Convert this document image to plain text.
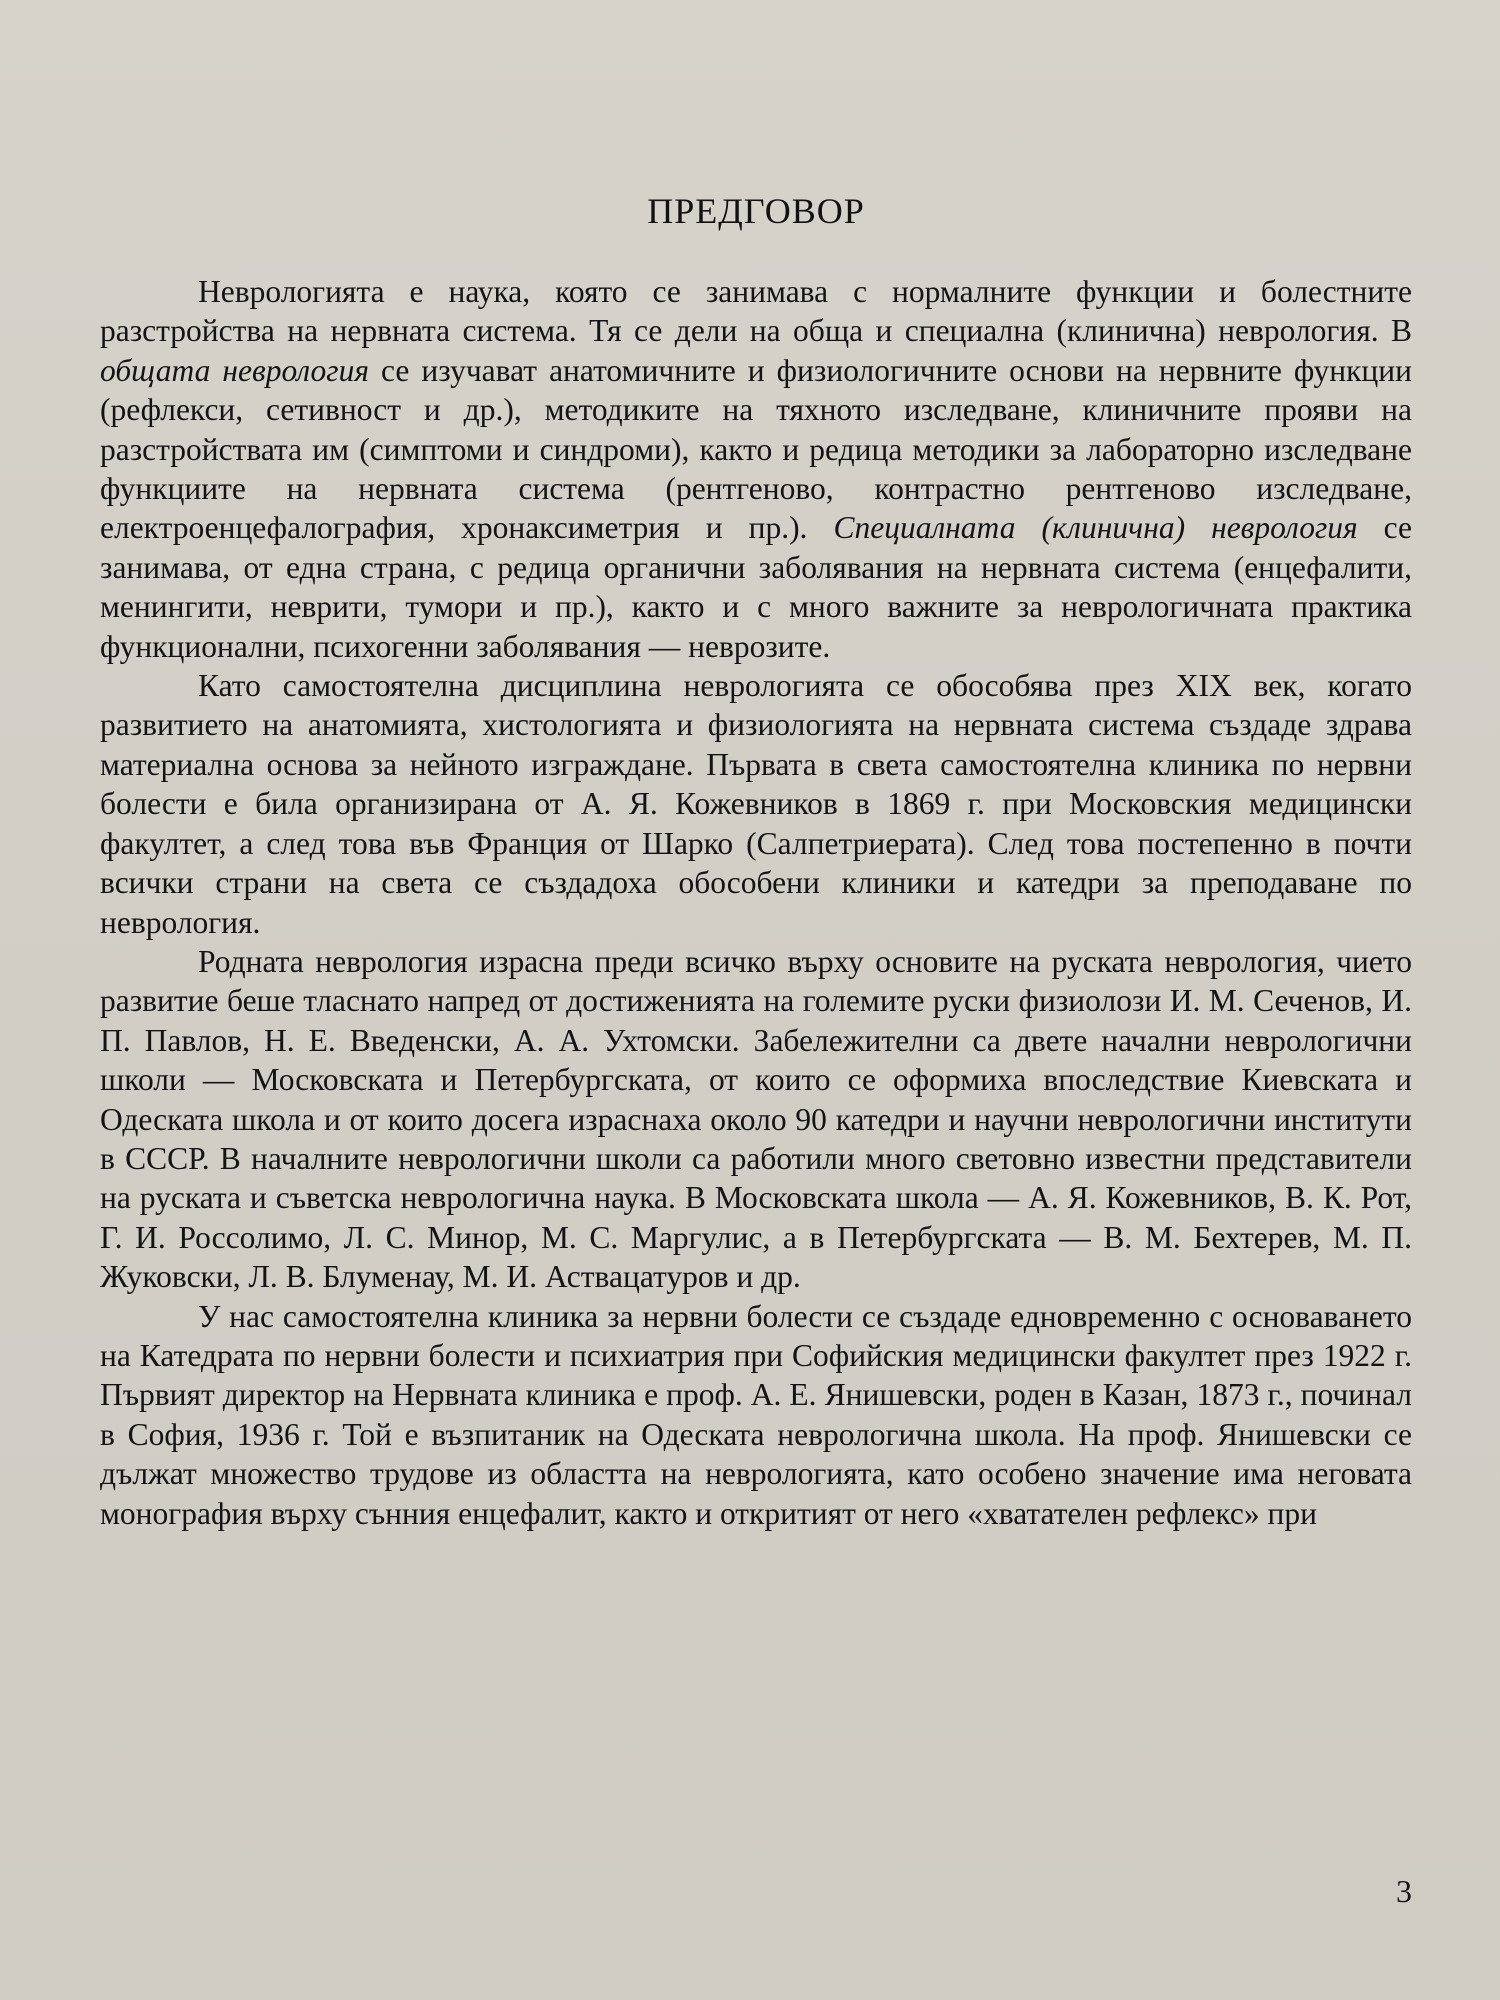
ПРЕДГОВОР

Неврологията е наука, която се занимава с нормалните функции и болестните разстройства на нервната система. Тя се дели на обща и специална (клинична) неврология. В общата неврология се изучават анатомичните и физиологичните основи на нервните функции (рефлекси, сетивност и др.), методиките на тяхното изследване, клиничните прояви на разстройствата им (симптоми и синдроми), както и редица методики за лабораторно изследване функциите на нервната система (рентгеново, контрастно рентгеново изследване, електроенцефалография, хронаксиметрия и пр.). Специалната (клинична) неврология се занимава, от една страна, с редица органични заболявания на нервната система (енцефалити, менингити, неврити, тумори и пр.), както и с много важните за неврологичната практика функционални, психогенни заболявания — неврозите.

Като самостоятелна дисциплина неврологията се обособява през XIX век, когато развитието на анатомията, хистологията и физиологията на нервната система създаде здрава материална основа за нейното изграждане. Първата в света самостоятелна клиника по нервни болести е била организирана от А. Я. Кожевников в 1869 г. при Московския медицински факултет, а след това във Франция от Шарко (Салпетриерата). След това постепенно в почти всички страни на света се създадоха обособени клиники и катедри за преподаване по неврология.

Родната неврология израсна преди всичко върху основите на руската неврология, чието развитие беше тласнато напред от достиженията на големите руски физиолози И. М. Сеченов, И. П. Павлов, Н. Е. Введенски, А. А. Ухтомски. Забележителни са двете начални неврологични школи — Московската и Петербургската, от които се оформиха впоследствие Киевската и Одеската школа и от които досега израснаха около 90 катедри и научни неврологични институти в СССР. В началните неврологични школи са работили много световно известни представители на руската и съветска неврологична наука. В Московската школа — А. Я. Кожевников, В. К. Рот, Г. И. Россолимо, Л. С. Минор, М. С. Маргулис, а в Петербургската — В. М. Бехтерев, М. П. Жуковски, Л. В. Блуменау, М. И. Аствацатуров и др.

У нас самостоятелна клиника за нервни болести се създаде едновременно с основаването на Катедрата по нервни болести и психиатрия при Софийския медицински факултет през 1922 г. Първият директор на Нервната клиника е проф. А. Е. Янишевски, роден в Казан, 1873 г., починал в София, 1936 г. Той е възпитаник на Одеската неврологична школа. На проф. Янишевски се дължат множество трудове из областта на неврологията, като особено значение има неговата монография върху сънния енцефалит, както и откритият от него «хватателен рефлекс» при

3
